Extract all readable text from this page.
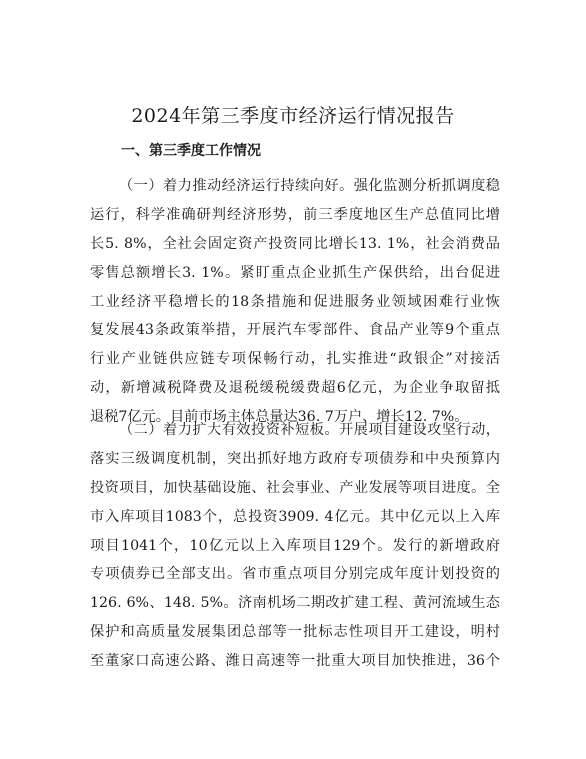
2024年第三季度市经济运行情况报告
一、第三季度工作情况
（一）着力推动经济运行持续向好。强化监测分析抓调度稳
运行，科学准确研判经济形势，前三季度地区生产总值同比增
长5. 8%，全社会固定资产投资同比增长13. 1%，社会消费品
零售总额增长3. 1%。紧盯重点企业抓生产保供给，出台促进
工业经济平稳增长的18条措施和促进服务业领域困难行业恢
复发展43条政策举措，开展汽车零部件、食品产业等9个重点
行业产业链供应链专项保畅行动，扎实推进“政银企”对接活
动，新增减税降费及退税缓税缓费超6亿元，为企业争取留抵
退税7亿元。目前市场主体总量达36. 7万户、增长12. 7%。
（二）着力扩大有效投资补短板。开展项目建设攻坚行动，
落实三级调度机制，突出抓好地方政府专项债券和中央预算内
投资项目，加快基础设施、社会事业、产业发展等项目进度。全
市入库项目1083个，总投资3909. 4亿元。其中亿元以上入库
项目1041个，10亿元以上入库项目129个。发行的新增政府
专项债券已全部支出。省市重点项目分别完成年度计划投资的
126. 6%、148. 5%。济南机场二期改扩建工程、黄河流域生态
保护和高质量发展集团总部等一批标志性项目开工建设，明村
至董家口高速公路、潍日高速等一批重大项目加快推进，36个
